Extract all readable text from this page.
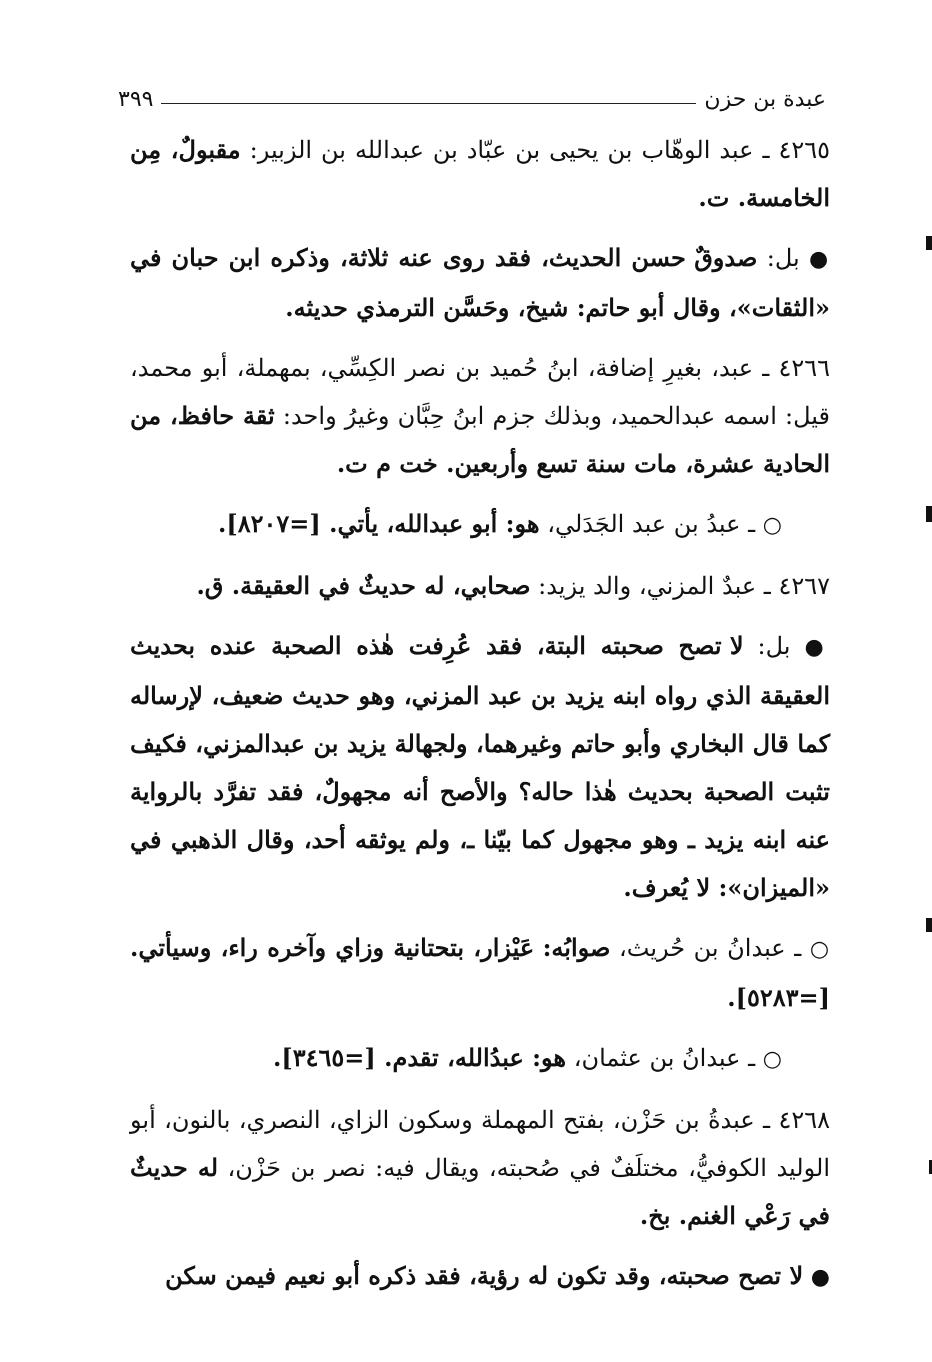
٣٩٩	عبدة بن حزن

٤٢٦٥ ـ عبد الوهّاب بن يحيى بن عبّاد بن عبدالله بن الزبير: مقبولٌ، مِن الخامسة. ت.

● بل: صدوقٌ حسن الحديث، فقد روى عنه ثلاثة، وذكره ابن حبان في «الثقات»، وقال أبو حاتم: شيخ، وحَسَّن الترمذي حديثه.

٤٢٦٦ ـ عبد، بغيرِ إضافة، ابنُ حُميد بن نصر الكِسِّي، بمهملة، أبو محمد، قيل: اسمه عبدالحميد، وبذلك جزم ابنُ حِبَّان وغيرُ واحد: ثقة حافظ، من الحادية عشرة، مات سنة تسع وأربعين. خت م ت.

○ ـ عبدُ بن عبد الجَدَلي، هو: أبو عبدالله، يأتي. [=٨٢٠٧].

٤٢٦٧ ـ عبدٌ المزني، والد يزيد: صحابي، له حديثٌ في العقيقة. ق.

● بل: لا تصح صحبته البتة، فقد عُرِفت هٰذه الصحبة عنده بحديث العقيقة الذي رواه ابنه يزيد بن عبد المزني، وهو حديث ضعيف، لإرساله كما قال البخاري وأبو حاتم وغيرهما، ولجهالة يزيد بن عبدالمزني، فكيف تثبت الصحبة بحديث هٰذا حاله؟ والأصح أنه مجهولٌ، فقد تفرَّد بالرواية عنه ابنه يزيد ـ وهو مجهول كما بيّنا ـ، ولم يوثقه أحد، وقال الذهبي في «الميزان»: لا يُعرف.

○ ـ عبدانُ بن حُريث، صوابُه: عَيْزار، بتحتانية وزاي وآخره راء، وسيأتي. [=٥٢٨٣].

○ ـ عبدانُ بن عثمان، هو: عبدُالله، تقدم. [=٣٤٦٥].

٤٢٦٨ ـ عبدةُ بن حَزْن، بفتح المهملة وسكون الزاي، النصري، بالنون، أبو الوليد الكوفيُّ، مختلَفٌ في صُحبته، ويقال فيه: نصر بن حَزْن، له حديثٌ في رَعْي الغنم. بخ.

● لا تصح صحبته، وقد تكون له رؤية، فقد ذكره أبو نعيم فيمن سكن
